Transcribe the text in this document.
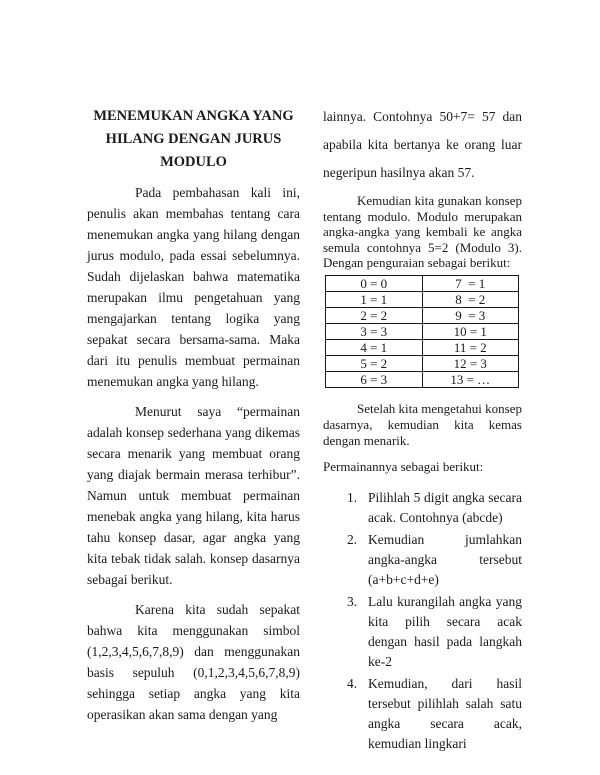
MENEMUKAN ANGKA YANG
HILANG DENGAN JURUS
MODULO

Pada pembahasan kali ini, penulis akan membahas tentang cara menemukan angka yang hilang dengan jurus modulo, pada essai sebelumnya. Sudah dijelaskan bahwa matematika merupakan ilmu pengetahuan yang mengajarkan tentang logika yang sepakat secara bersama-sama. Maka dari itu penulis membuat permainan menemukan angka yang hilang.

Menurut saya “permainan adalah konsep sederhana yang dikemas secara menarik yang membuat orang yang diajak bermain merasa terhibur”. Namun untuk membuat permainan menebak angka yang hilang, kita harus tahu konsep dasar, agar angka yang kita tebak tidak salah. konsep dasarnya sebagai berikut.

Karena kita sudah sepakat bahwa kita menggunakan simbol (1,2,3,4,5,6,7,8,9) dan menggunakan basis sepuluh (0,1,2,3,4,5,6,7,8,9) sehingga setiap angka yang kita operasikan akan sama dengan yang

lainnya. Contohnya 50+7= 57 dan apabila kita bertanya ke orang luar negeripun hasilnya akan 57.

Kemudian kita gunakan konsep tentang modulo. Modulo merupakan angka-angka yang kembali ke angka semula contohnya 5=2 (Modulo 3). Dengan penguraian sebagai berikut:

0 = 0	7  = 1
1 = 1	8  = 2
2 = 2	9  = 3
3 = 3	10 = 1
4 = 1	11 = 2
5 = 2	12 = 3
6 = 3	13 = …

Setelah kita mengetahui konsep dasarnya, kemudian kita kemas dengan menarik.

Permainannya sebagai berikut:

Pilihlah 5 digit angka secara acak. Contohnya (abcde)
Kemudian jumlahkan angka-angka tersebut (a+b+c+d+e)
Lalu kurangilah angka yang kita pilih secara acak dengan hasil pada langkah ke-2
Kemudian, dari hasil tersebut pilihlah salah satu angka secara acak, kemudian lingkari
